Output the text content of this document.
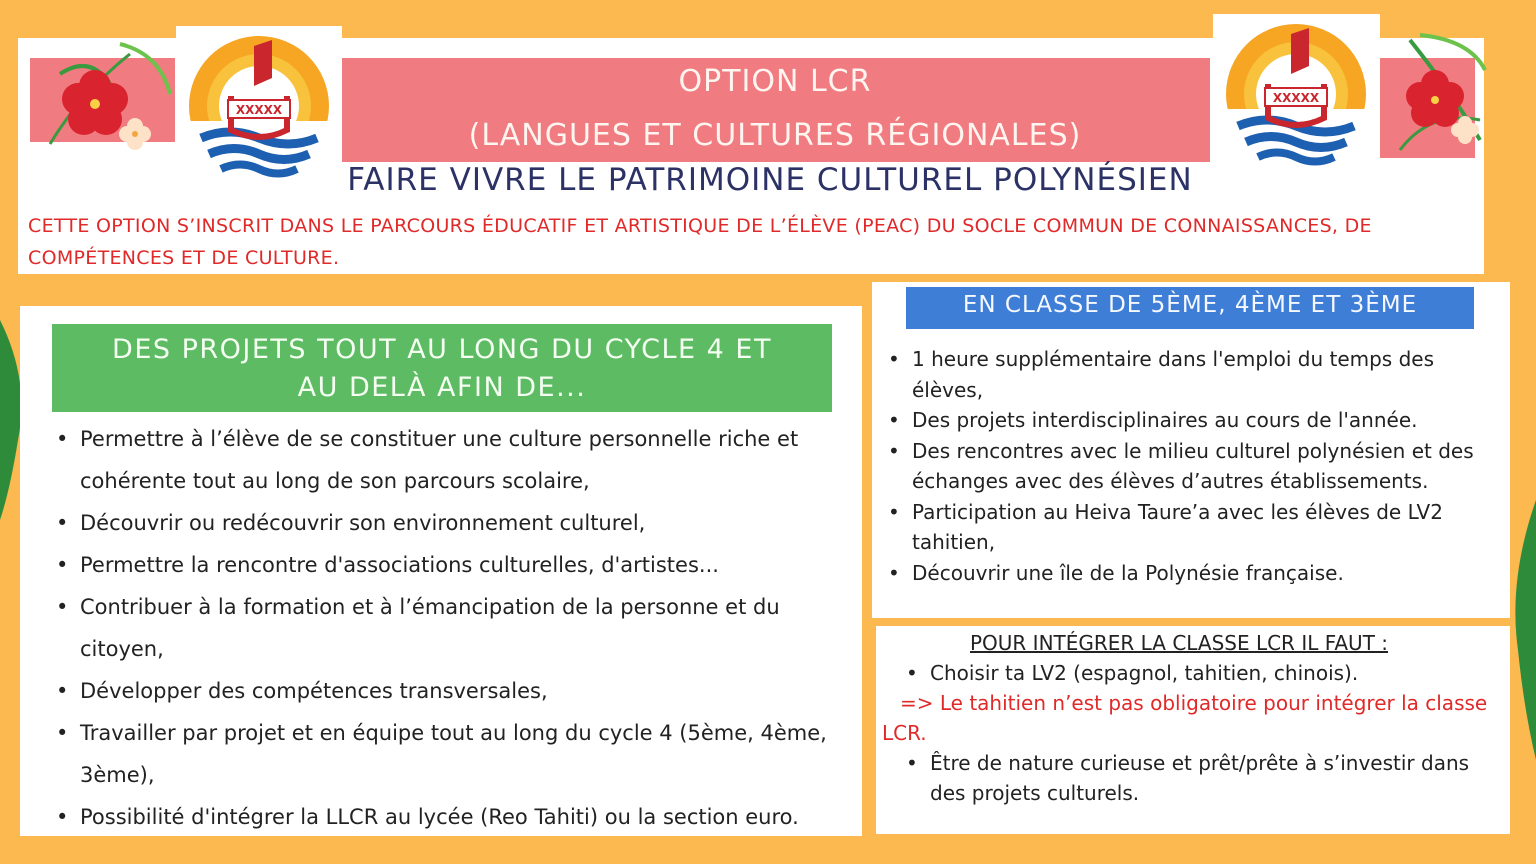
XXXXX
XXXXX
OPTION LCR
(LANGUES ET CULTURES RÉGIONALES)
FAIRE VIVRE LE PATRIMOINE CULTUREL POLYNÉSIEN
CETTE OPTION S’INSCRIT DANS LE PARCOURS ÉDUCATIF ET ARTISTIQUE DE L’ÉLÈVE (PEAC) DU SOCLE COMMUN DE CONNAISSANCES, DE COMPÉTENCES ET DE CULTURE.
DES PROJETS TOUT AU LONG DU CYCLE 4 ET
AU DELÀ AFIN DE...
• Permettre à l’élève de se constituer une culture personnelle riche et cohérente tout au long de son parcours scolaire,
• Découvrir ou redécouvrir son environnement culturel,
• Permettre la rencontre d'associations culturelles, d'artistes...
• Contribuer à la formation et à l’émancipation de la personne et du citoyen,
• Développer des compétences transversales,
• Travailler par projet et en équipe tout au long du cycle 4 (5ème, 4ème, 3ème),
• Possibilité d'intégrer la LLCR au lycée (Reo Tahiti) ou la section euro.
EN CLASSE DE 5ÈME, 4ÈME ET 3ÈME
• 1 heure supplémentaire dans l'emploi du temps des élèves,
• Des projets interdisciplinaires au cours de l'année.
• Des rencontres avec le milieu culturel polynésien et des échanges avec des élèves d’autres établissements.
• Participation au Heiva Taure’a avec les élèves de LV2 tahitien,
• Découvrir une île de la Polynésie française.
POUR INTÉGRER LA CLASSE LCR IL FAUT :
• Choisir ta LV2 (espagnol, tahitien, chinois).
=> Le tahitien n’est pas obligatoire pour intégrer la classe LCR.
• Être de nature curieuse et prêt/prête à s’investir dans des projets culturels.
